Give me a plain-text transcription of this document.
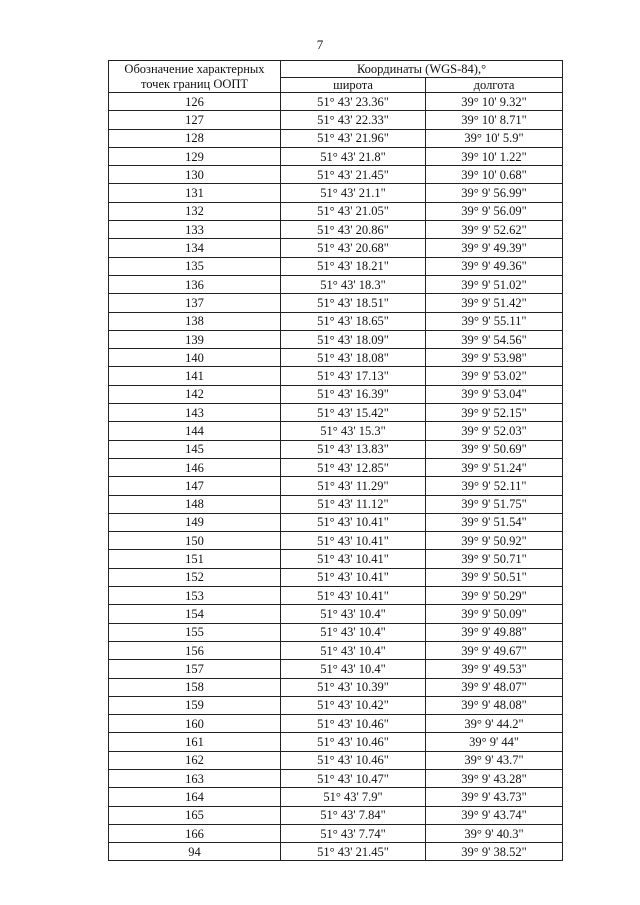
7
Обозначение характерных
точек границ ООПТ	Координаты (WGS-84),°	
	широта	долгота
126	51° 43' 23.36"	39° 10' 9.32"
127	51° 43' 22.33"	39° 10' 8.71"
128	51° 43' 21.96"	39° 10' 5.9"
129	51° 43' 21.8"	39° 10' 1.22"
130	51° 43' 21.45"	39° 10' 0.68"
131	51° 43' 21.1"	39° 9' 56.99"
132	51° 43' 21.05"	39° 9' 56.09"
133	51° 43' 20.86"	39° 9' 52.62"
134	51° 43' 20.68"	39° 9' 49.39"
135	51° 43' 18.21"	39° 9' 49.36"
136	51° 43' 18.3"	39° 9' 51.02"
137	51° 43' 18.51"	39° 9' 51.42"
138	51° 43' 18.65"	39° 9' 55.11"
139	51° 43' 18.09"	39° 9' 54.56"
140	51° 43' 18.08"	39° 9' 53.98"
141	51° 43' 17.13"	39° 9' 53.02"
142	51° 43' 16.39"	39° 9' 53.04"
143	51° 43' 15.42"	39° 9' 52.15"
144	51° 43' 15.3"	39° 9' 52.03"
145	51° 43' 13.83"	39° 9' 50.69"
146	51° 43' 12.85"	39° 9' 51.24"
147	51° 43' 11.29"	39° 9' 52.11"
148	51° 43' 11.12"	39° 9' 51.75"
149	51° 43' 10.41"	39° 9' 51.54"
150	51° 43' 10.41"	39° 9' 50.92"
151	51° 43' 10.41"	39° 9' 50.71"
152	51° 43' 10.41"	39° 9' 50.51"
153	51° 43' 10.41"	39° 9' 50.29"
154	51° 43' 10.4"	39° 9' 50.09"
155	51° 43' 10.4"	39° 9' 49.88"
156	51° 43' 10.4"	39° 9' 49.67"
157	51° 43' 10.4"	39° 9' 49.53"
158	51° 43' 10.39"	39° 9' 48.07"
159	51° 43' 10.42"	39° 9' 48.08"
160	51° 43' 10.46"	39° 9' 44.2"
161	51° 43' 10.46"	39° 9' 44"
162	51° 43' 10.46"	39° 9' 43.7"
163	51° 43' 10.47"	39° 9' 43.28"
164	51° 43' 7.9"	39° 9' 43.73"
165	51° 43' 7.84"	39° 9' 43.74"
166	51° 43' 7.74"	39° 9' 40.3"
94	51° 43' 21.45"	39° 9' 38.52"
